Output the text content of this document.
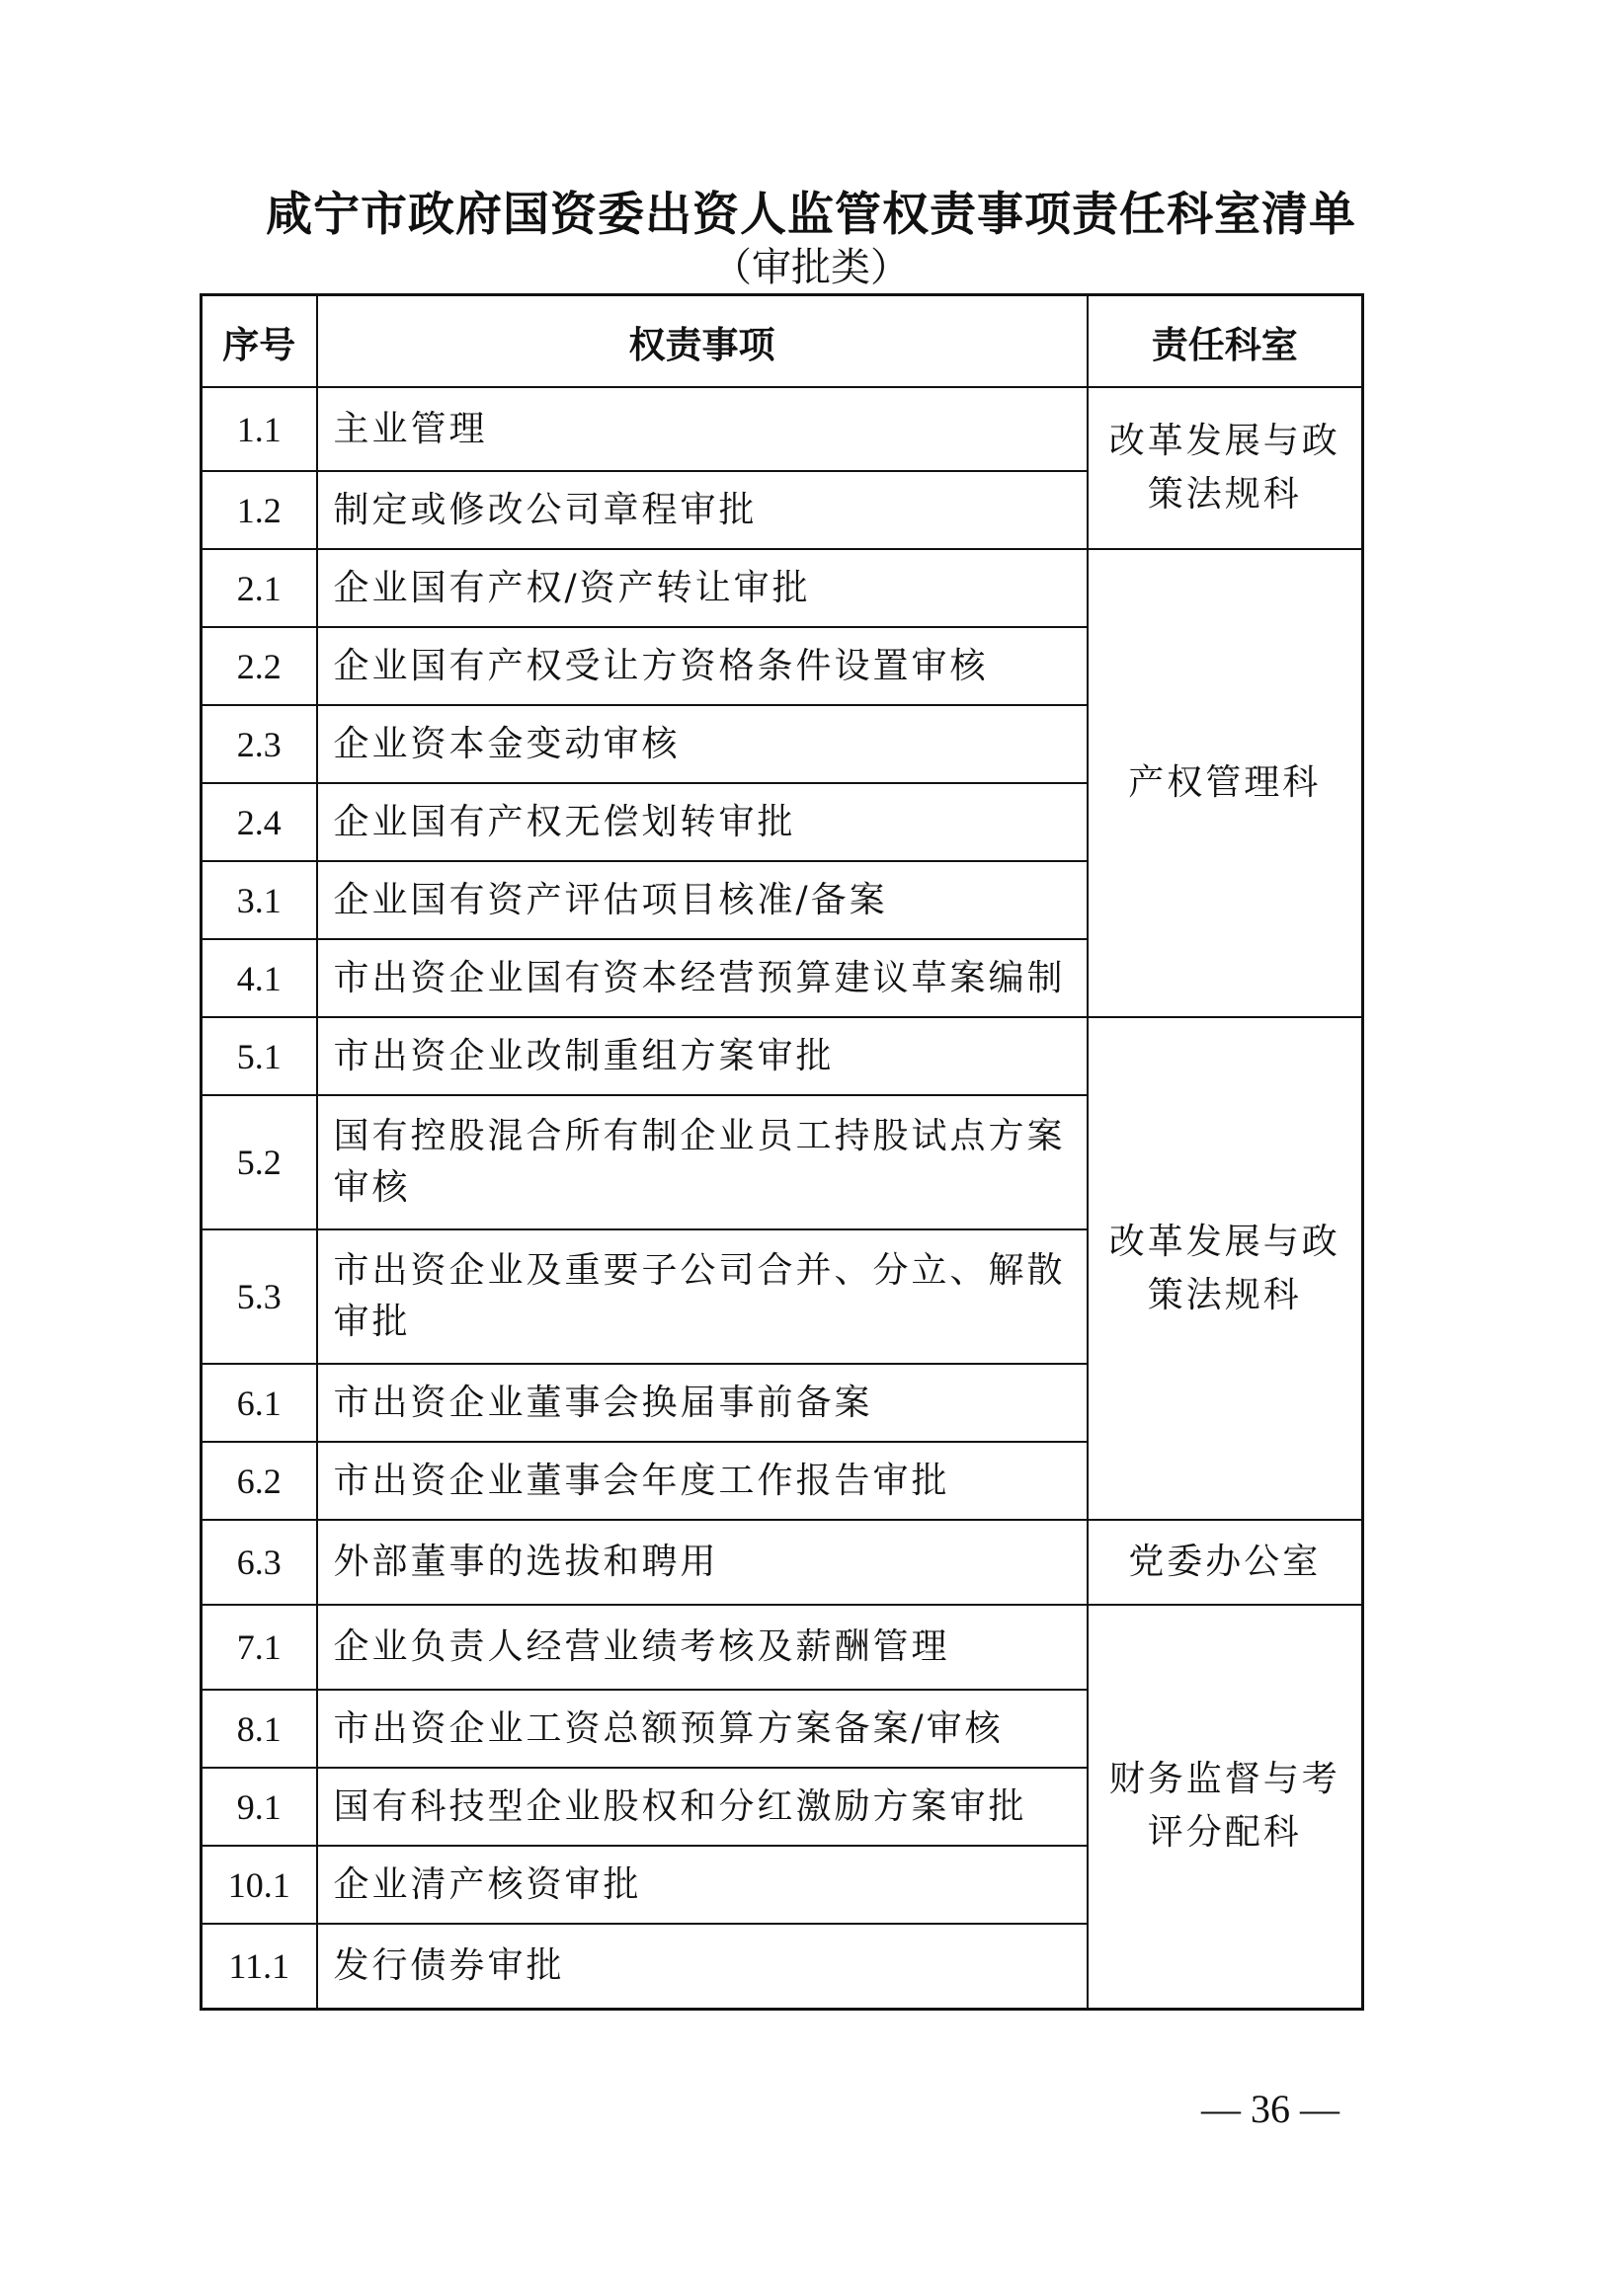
咸宁市政府国资委出资人监管权责事项责任科室清单
（审批类）
序号	权责事项	责任科室
1.1	主业管理	改革发展与政策法规科
1.2	制定或修改公司章程审批	
2.1	企业国有产权/资产转让审批	产权管理科
2.2	企业国有产权受让方资格条件设置审核	
2.3	企业资本金变动审核	
2.4	企业国有产权无偿划转审批	
3.1	企业国有资产评估项目核准/备案	
4.1	市出资企业国有资本经营预算建议草案编制	
5.1	市出资企业改制重组方案审批	改革发展与政策法规科
5.2	国有控股混合所有制企业员工持股试点方案审核	
5.3	市出资企业及重要子公司合并、分立、解散审批	
6.1	市出资企业董事会换届事前备案	
6.2	市出资企业董事会年度工作报告审批	
6.3	外部董事的选拔和聘用	党委办公室
7.1	企业负责人经营业绩考核及薪酬管理	财务监督与考评分配科
8.1	市出资企业工资总额预算方案备案/审核	
9.1	国有科技型企业股权和分红激励方案审批	
10.1	企业清产核资审批	
11.1	发行债券审批	
— 36 —
